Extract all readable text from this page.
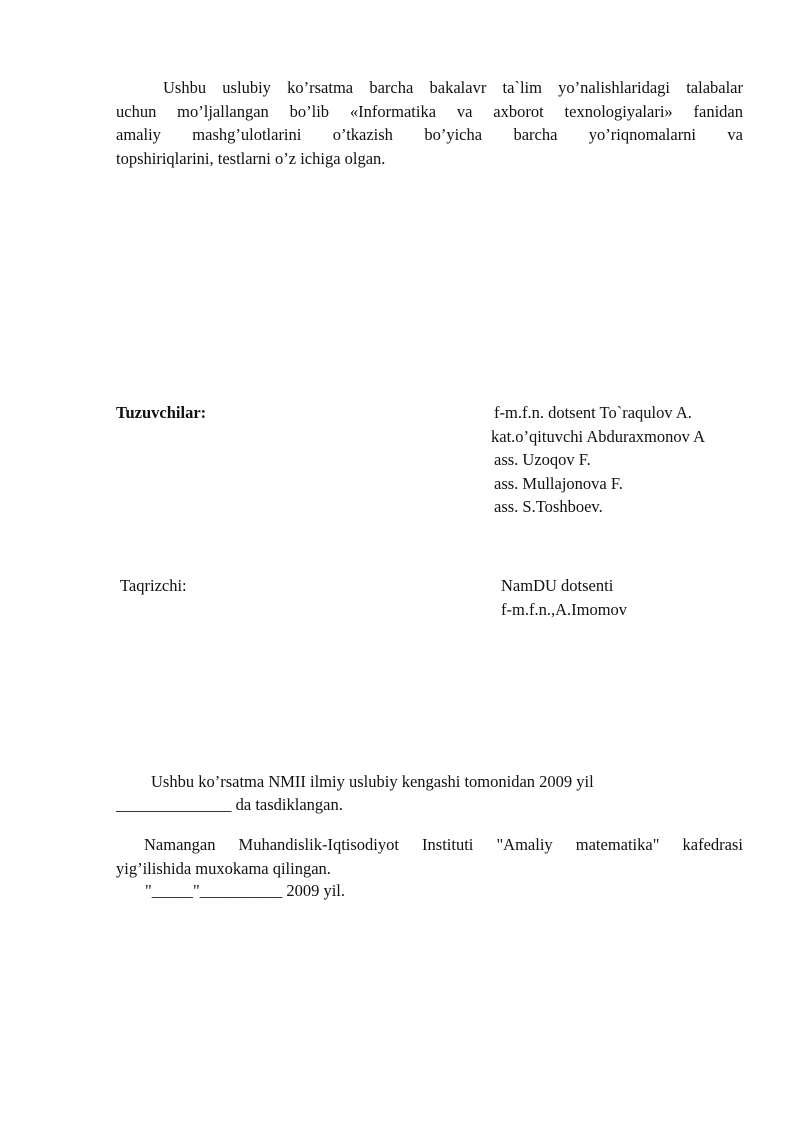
Ushbu uslubiy ko’rsatma barcha bakalavr ta`lim yo’nalishlaridagi talabalar
uchun mo’ljallangan bo’lib «Informatika va axborot texnologiyalari» fanidan
amaliy mashg’ulotlarini o’tkazish bo’yicha barcha yo’riqnomalarni va
topshiriqlarini, testlarni o’z ichiga olgan.
Tuzuvchilar:	f-m.f.n. dotsent To`raqulov A.
kat.o’qituvchi Abduraxmonov A
ass. Uzoqov F.
ass. Mullajonova F.
ass. S.Toshboev.
Taqrizchi:	NamDU dotsenti
f-m.f.n.,A.Imomov
Ushbu ko’rsatma NMII ilmiy uslubiy kengashi tomonidan 2009 yil
______________ da tasdiklangan.
Namangan Muhandislik-Iqtisodiyot Instituti "Amaliy matematika" kafedrasi
yig’ilishida muxokama qilingan.
"_____"__________ 2009 yil.
